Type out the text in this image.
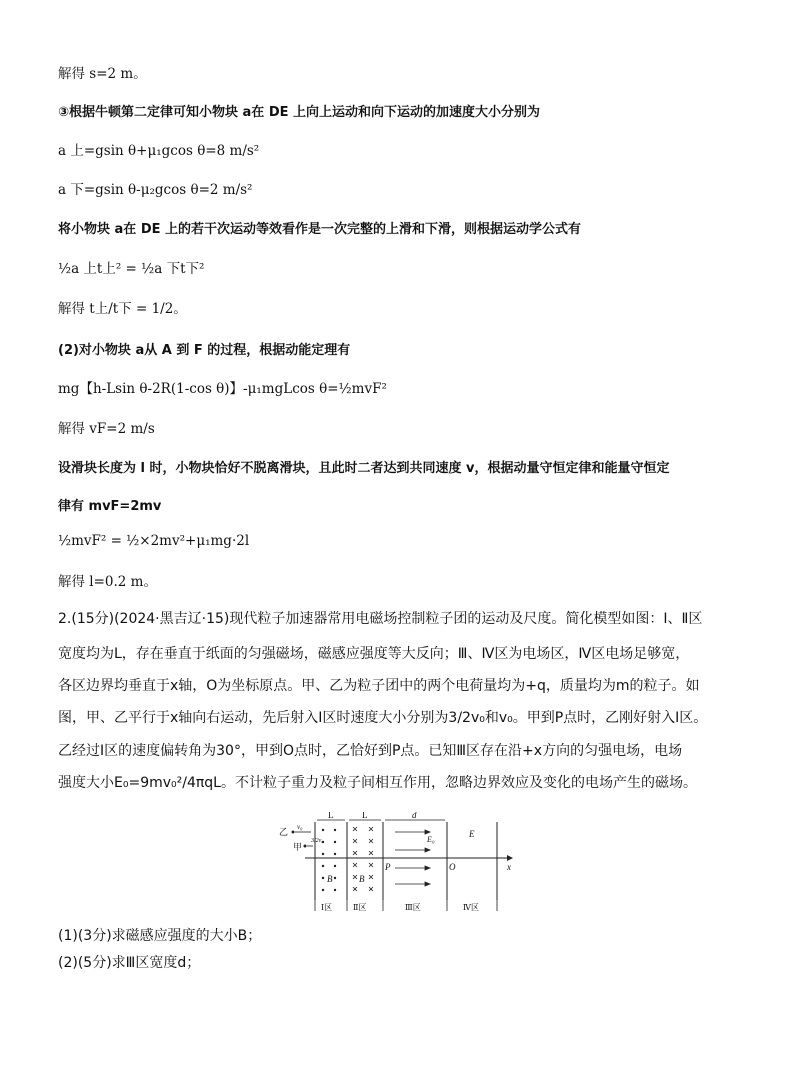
解得 s=2 m。
③根据牛顿第二定律可知小物块 a在 DE 上向上运动和向下运动的加速度大小分别为
a 上=gsin θ+μ₁gcos θ=8 m/s²
a 下=gsin θ-μ₂gcos θ=2 m/s²
将小物块 a在 DE 上的若干次运动等效看作是一次完整的上滑和下滑，则根据运动学公式有
½a 上t上² = ½a 下t下²
解得 t上/t下 = 1/2。
(2)对小物块 a从 A 到 F 的过程，根据动能定理有
mg【h-Lsin θ-2R(1-cos θ)】-μ₁mgLcos θ=½mvF²
解得 vF=2 m/s
设滑块长度为 l 时，小物块恰好不脱离滑块，且此时二者达到共同速度 v，根据动量守恒定律和能量守恒定
律有 mvF=2mv
½mvF² = ½×2mv²+μ₁mg·2l
解得 l=0.2 m。
2.(15分)(2024·黑吉辽·15)现代粒子加速器常用电磁场控制粒子团的运动及尺度。简化模型如图：Ⅰ、Ⅱ区
宽度均为L，存在垂直于纸面的匀强磁场，磁感应强度等大反向；Ⅲ、Ⅳ区为电场区，Ⅳ区电场足够宽，
各区边界均垂直于x轴，O为坐标原点。甲、乙为粒子团中的两个电荷量均为+q，质量均为m的粒子。如
图，甲、乙平行于x轴向右运动，先后射入Ⅰ区时速度大小分别为3/2v₀和v₀。甲到P点时，乙刚好射入Ⅰ区。
乙经过Ⅰ区的速度偏转角为30°，甲到O点时，乙恰好到P点。已知Ⅲ区存在沿+x方向的匀强电场，电场
强度大小E₀=9mv₀²/4πqL。不计粒子重力及粒子间相互作用，忽略边界效应及变化的电场产生的磁场。
L	L	d
E₀
E
O
P	x
B	B
乙
甲
v₀
3/2v₀
Ⅰ区	Ⅱ区	Ⅲ区	Ⅳ区
(1)(3分)求磁感应强度的大小B；
(2)(5分)求Ⅲ区宽度d；
